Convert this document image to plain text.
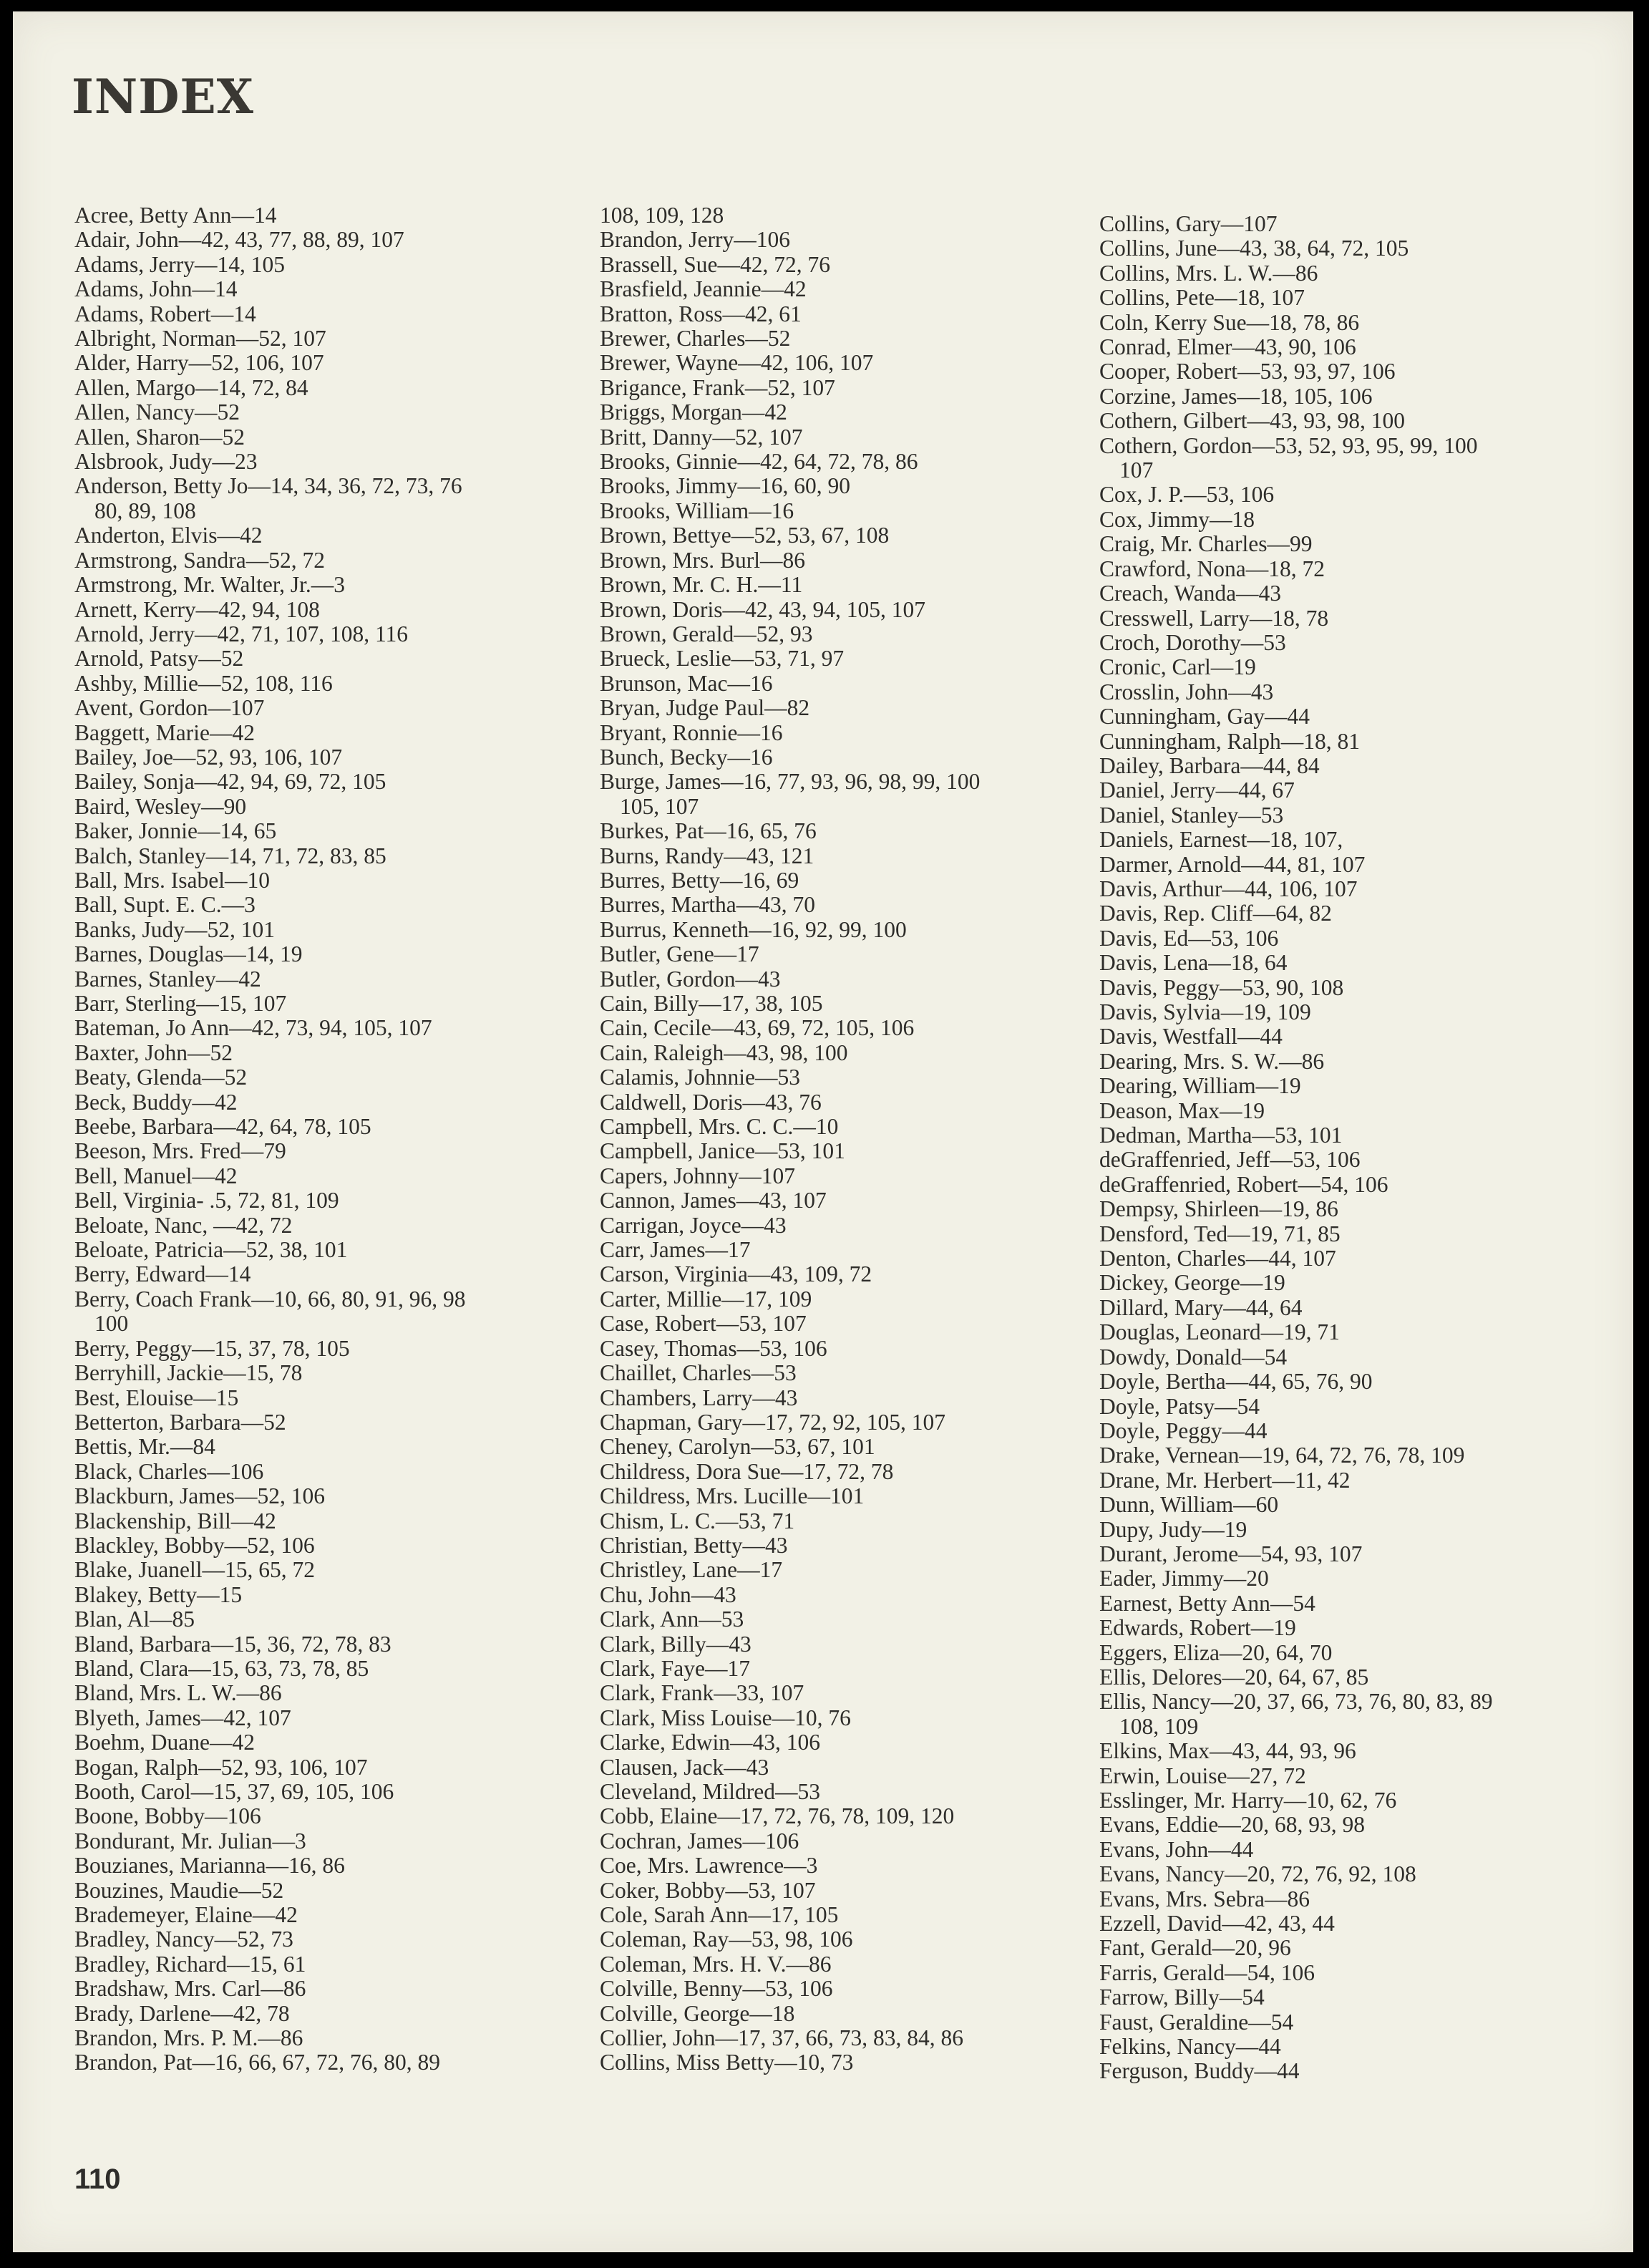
INDEX
Acree, Betty Ann—14
Adair, John—42, 43, 77, 88, 89, 107
Adams, Jerry—14, 105
Adams, John—14
Adams, Robert—14
Albright, Norman—52, 107
Alder, Harry—52, 106, 107
Allen, Margo—14, 72, 84
Allen, Nancy—52
Allen, Sharon—52
Alsbrook, Judy—23
Anderson, Betty Jo—14, 34, 36, 72, 73, 76
80, 89, 108
Anderton, Elvis—42
Armstrong, Sandra—52, 72
Armstrong, Mr. Walter, Jr.—3
Arnett, Kerry—42, 94, 108
Arnold, Jerry—42, 71, 107, 108, 116
Arnold, Patsy—52
Ashby, Millie—52, 108, 116
Avent, Gordon—107
Baggett, Marie—42
Bailey, Joe—52, 93, 106, 107
Bailey, Sonja—42, 94, 69, 72, 105
Baird, Wesley—90
Baker, Jonnie—14, 65
Balch, Stanley—14, 71, 72, 83, 85
Ball, Mrs. Isabel—10
Ball, Supt. E. C.—3
Banks, Judy—52, 101
Barnes, Douglas—14, 19
Barnes, Stanley—42
Barr, Sterling—15, 107
Bateman, Jo Ann—42, 73, 94, 105, 107
Baxter, John—52
Beaty, Glenda—52
Beck, Buddy—42
Beebe, Barbara—42, 64, 78, 105
Beeson, Mrs. Fred—79
Bell, Manuel—42
Bell, Virginia- .5, 72, 81, 109
Beloate, Nanc, —42, 72
Beloate, Patricia—52, 38, 101
Berry, Edward—14
Berry, Coach Frank—10, 66, 80, 91, 96, 98
100
Berry, Peggy—15, 37, 78, 105
Berryhill, Jackie—15, 78
Best, Elouise—15
Betterton, Barbara—52
Bettis, Mr.—84
Black, Charles—106
Blackburn, James—52, 106
Blackenship, Bill—42
Blackley, Bobby—52, 106
Blake, Juanell—15, 65, 72
Blakey, Betty—15
Blan, Al—85
Bland, Barbara—15, 36, 72, 78, 83
Bland, Clara—15, 63, 73, 78, 85
Bland, Mrs. L. W.—86
Blyeth, James—42, 107
Boehm, Duane—42
Bogan, Ralph—52, 93, 106, 107
Booth, Carol—15, 37, 69, 105, 106
Boone, Bobby—106
Bondurant, Mr. Julian—3
Bouzianes, Marianna—16, 86
Bouzines, Maudie—52
Brademeyer, Elaine—42
Bradley, Nancy—52, 73
Bradley, Richard—15, 61
Bradshaw, Mrs. Carl—86
Brady, Darlene—42, 78
Brandon, Mrs. P. M.—86
Brandon, Pat—16, 66, 67, 72, 76, 80, 89
108, 109, 128
Brandon, Jerry—106
Brassell, Sue—42, 72, 76
Brasfield, Jeannie—42
Bratton, Ross—42, 61
Brewer, Charles—52
Brewer, Wayne—42, 106, 107
Brigance, Frank—52, 107
Briggs, Morgan—42
Britt, Danny—52, 107
Brooks, Ginnie—42, 64, 72, 78, 86
Brooks, Jimmy—16, 60, 90
Brooks, William—16
Brown, Bettye—52, 53, 67, 108
Brown, Mrs. Burl—86
Brown, Mr. C. H.—11
Brown, Doris—42, 43, 94, 105, 107
Brown, Gerald—52, 93
Brueck, Leslie—53, 71, 97
Brunson, Mac—16
Bryan, Judge Paul—82
Bryant, Ronnie—16
Bunch, Becky—16
Burge, James—16, 77, 93, 96, 98, 99, 100
105, 107
Burkes, Pat—16, 65, 76
Burns, Randy—43, 121
Burres, Betty—16, 69
Burres, Martha—43, 70
Burrus, Kenneth—16, 92, 99, 100
Butler, Gene—17
Butler, Gordon—43
Cain, Billy—17, 38, 105
Cain, Cecile—43, 69, 72, 105, 106
Cain, Raleigh—43, 98, 100
Calamis, Johnnie—53
Caldwell, Doris—43, 76
Campbell, Mrs. C. C.—10
Campbell, Janice—53, 101
Capers, Johnny—107
Cannon, James—43, 107
Carrigan, Joyce—43
Carr, James—17
Carson, Virginia—43, 109, 72
Carter, Millie—17, 109
Case, Robert—53, 107
Casey, Thomas—53, 106
Chaillet, Charles—53
Chambers, Larry—43
Chapman, Gary—17, 72, 92, 105, 107
Cheney, Carolyn—53, 67, 101
Childress, Dora Sue—17, 72, 78
Childress, Mrs. Lucille—101
Chism, L. C.—53, 71
Christian, Betty—43
Christley, Lane—17
Chu, John—43
Clark, Ann—53
Clark, Billy—43
Clark, Faye—17
Clark, Frank—33, 107
Clark, Miss Louise—10, 76
Clarke, Edwin—43, 106
Clausen, Jack—43
Cleveland, Mildred—53
Cobb, Elaine—17, 72, 76, 78, 109, 120
Cochran, James—106
Coe, Mrs. Lawrence—3
Coker, Bobby—53, 107
Cole, Sarah Ann—17, 105
Coleman, Ray—53, 98, 106
Coleman, Mrs. H. V.—86
Colville, Benny—53, 106
Colville, George—18
Collier, John—17, 37, 66, 73, 83, 84, 86
Collins, Miss Betty—10, 73
Collins, Gary—107
Collins, June—43, 38, 64, 72, 105
Collins, Mrs. L. W.—86
Collins, Pete—18, 107
Coln, Kerry Sue—18, 78, 86
Conrad, Elmer—43, 90, 106
Cooper, Robert—53, 93, 97, 106
Corzine, James—18, 105, 106
Cothern, Gilbert—43, 93, 98, 100
Cothern, Gordon—53, 52, 93, 95, 99, 100
107
Cox, J. P.—53, 106
Cox, Jimmy—18
Craig, Mr. Charles—99
Crawford, Nona—18, 72
Creach, Wanda—43
Cresswell, Larry—18, 78
Croch, Dorothy—53
Cronic, Carl—19
Crosslin, John—43
Cunningham, Gay—44
Cunningham, Ralph—18, 81
Dailey, Barbara—44, 84
Daniel, Jerry—44, 67
Daniel, Stanley—53
Daniels, Earnest—18, 107,
Darmer, Arnold—44, 81, 107
Davis, Arthur—44, 106, 107
Davis, Rep. Cliff—64, 82
Davis, Ed—53, 106
Davis, Lena—18, 64
Davis, Peggy—53, 90, 108
Davis, Sylvia—19, 109
Davis, Westfall—44
Dearing, Mrs. S. W.—86
Dearing, William—19
Deason, Max—19
Dedman, Martha—53, 101
deGraffenried, Jeff—53, 106
deGraffenried, Robert—54, 106
Dempsy, Shirleen—19, 86
Densford, Ted—19, 71, 85
Denton, Charles—44, 107
Dickey, George—19
Dillard, Mary—44, 64
Douglas, Leonard—19, 71
Dowdy, Donald—54
Doyle, Bertha—44, 65, 76, 90
Doyle, Patsy—54
Doyle, Peggy—44
Drake, Vernean—19, 64, 72, 76, 78, 109
Drane, Mr. Herbert—11, 42
Dunn, William—60
Dupy, Judy—19
Durant, Jerome—54, 93, 107
Eader, Jimmy—20
Earnest, Betty Ann—54
Edwards, Robert—19
Eggers, Eliza—20, 64, 70
Ellis, Delores—20, 64, 67, 85
Ellis, Nancy—20, 37, 66, 73, 76, 80, 83, 89
108, 109
Elkins, Max—43, 44, 93, 96
Erwin, Louise—27, 72
Esslinger, Mr. Harry—10, 62, 76
Evans, Eddie—20, 68, 93, 98
Evans, John—44
Evans, Nancy—20, 72, 76, 92, 108
Evans, Mrs. Sebra—86
Ezzell, David—42, 43, 44
Fant, Gerald—20, 96
Farris, Gerald—54, 106
Farrow, Billy—54
Faust, Geraldine—54
Felkins, Nancy—44
Ferguson, Buddy—44
110
